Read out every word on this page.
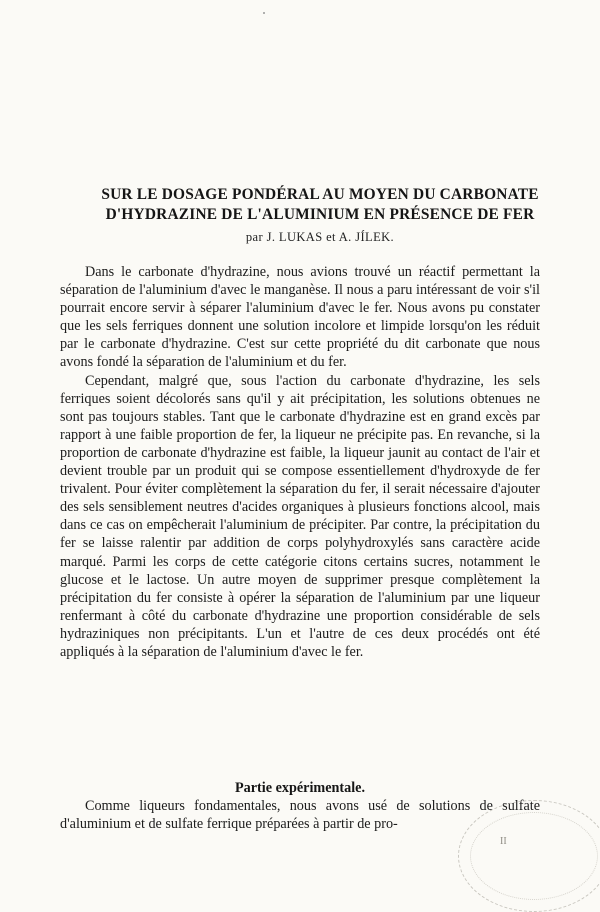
SUR LE DOSAGE PONDÉRAL AU MOYEN DU CARBONATE
D'HYDRAZINE DE L'ALUMINIUM EN PRÉSENCE DE FER
par J. LUKAS et A. JÍLEK.

Dans le carbonate d'hydrazine, nous avions trouvé un réactif permettant la séparation de l'aluminium d'avec le manganèse. Il nous a paru intéressant de voir s'il pourrait encore servir à séparer l'aluminium d'avec le fer. Nous avons pu constater que les sels ferriques donnent une solution incolore et limpide lorsqu'on les réduit par le carbonate d'hydrazine. C'est sur cette propriété du dit carbonate que nous avons fondé la séparation de l'aluminium et du fer.

Cependant, malgré que, sous l'action du carbonate d'hydrazine, les sels ferriques soient décolorés sans qu'il y ait précipitation, les solutions obtenues ne sont pas toujours stables. Tant que le carbonate d'hydrazine est en grand excès par rapport à une faible proportion de fer, la liqueur ne précipite pas. En revanche, si la proportion de carbonate d'hydrazine est faible, la liqueur jaunit au contact de l'air et devient trouble par un produit qui se compose essentiellement d'hydroxyde de fer trivalent. Pour éviter complètement la séparation du fer, il serait nécessaire d'ajouter des sels sensiblement neutres d'acides organiques à plusieurs fonctions alcool, mais dans ce cas on empêcherait l'aluminium de précipiter. Par contre, la précipitation du fer se laisse ralentir par addition de corps polyhydroxylés sans caractère acide marqué. Parmi les corps de cette catégorie citons certains sucres, notamment le glucose et le lactose. Un autre moyen de supprimer presque complètement la précipitation du fer consiste à opérer la séparation de l'aluminium par une liqueur renfermant à côté du carbonate d'hydrazine une proportion considérable de sels hydraziniques non précipitants. L'un et l'autre de ces deux procédés ont été appliqués à la séparation de l'aluminium d'avec le fer.

Partie expérimentale.

Comme liqueurs fondamentales, nous avons usé de solutions de sulfate d'aluminium et de sulfate ferrique préparées à partir de pro-

II
